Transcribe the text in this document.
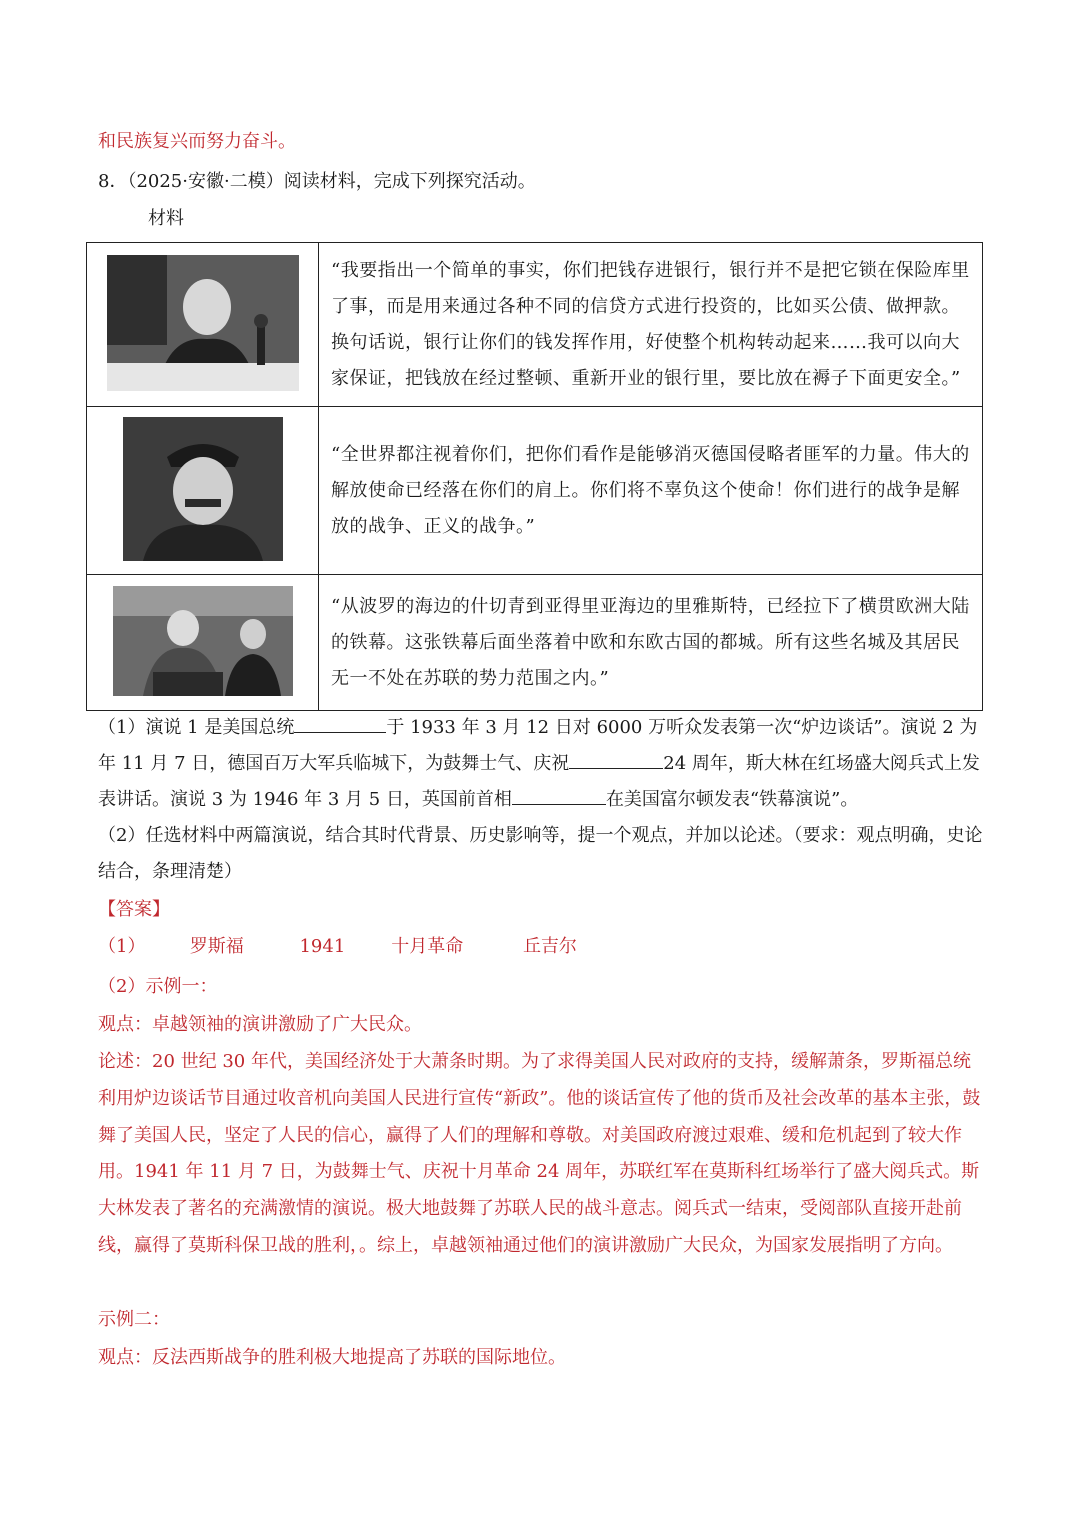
和民族复兴而努力奋斗。
8．（2025·安徽·二模）阅读材料，完成下列探究活动。
材料
	“我要指出一个简单的事实，你们把钱存进银行，银行并不是把它锁在保险库里了事，而是用来通过各种不同的信贷方式进行投资的，比如买公债、做押款。换句话说，银行让你们的钱发挥作用，好使整个机构转动起来……我可以向大家保证，把钱放在经过整顿、重新开业的银行里，要比放在褥子下面更安全。”
	“全世界都注视着你们，把你们看作是能够消灭德国侵略者匪军的力量。伟大的解放使命已经落在你们的肩上。你们将不辜负这个使命！你们进行的战争是解放的战争、正义的战争。”
	“从波罗的海边的什切青到亚得里亚海边的里雅斯特，已经拉下了横贯欧洲大陆的铁幕。这张铁幕后面坐落着中欧和东欧古国的都城。所有这些名城及其居民无一不处在苏联的势力范围之内。”
（1）演说 1 是美国总统	于 1933 年 3 月 12 日对 6000 万听众发表第一次“炉边谈话”。演说 2 为年 11 月 7 日，德国百万大军兵临城下，为鼓舞士气、庆祝	24 周年，斯大林在红场盛大阅兵式上发表讲话。演说 3 为 1946 年 3 月 5 日，英国前首相	在美国富尔顿发表“铁幕演说”。
（2）任选材料中两篇演说，结合其时代背景、历史影响等，提一个观点，并加以论述。（要求：观点明确，史论结合，条理清楚）
【答案】
（1） 罗斯福	1941	十月革命	丘吉尔
（2）示例一：
观点：卓越领袖的演讲激励了广大民众。
论述：20 世纪 30 年代，美国经济处于大萧条时期。为了求得美国人民对政府的支持，缓解萧条，罗斯福总统利用炉边谈话节目通过收音机向美国人民进行宣传“新政”。他的谈话宣传了他的货币及社会改革的基本主张，鼓舞了美国人民，坚定了人民的信心，赢得了人们的理解和尊敬。对美国政府渡过艰难、缓和危机起到了较大作用。1941 年 11 月 7 日，为鼓舞士气、庆祝十月革命 24 周年，苏联红军在莫斯科红场举行了盛大阅兵式。斯大林发表了著名的充满激情的演说。极大地鼓舞了苏联人民的战斗意志。阅兵式一结束，受阅部队直接开赴前线，赢得了莫斯科保卫战的胜利，。综上，卓越领袖通过他们的演讲激励广大民众，为国家发展指明了方向。
示例二：
观点：反法西斯战争的胜利极大地提高了苏联的国际地位。
